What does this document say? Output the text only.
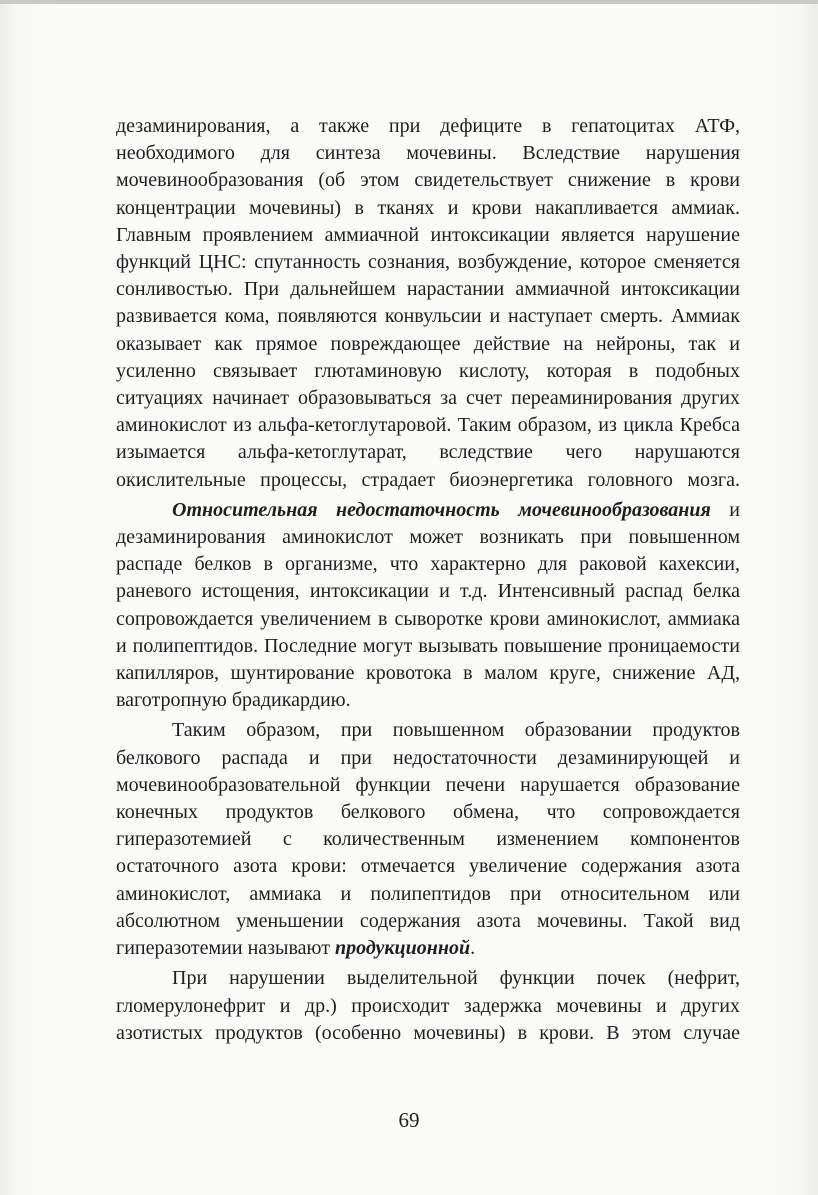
дезаминирования, а также при дефиците в гепатоцитах АТФ, необходимого для синтеза мочевины. Вследствие нарушения мочевинообразования (об этом свидетельствует снижение в крови концентрации мочевины) в тканях и крови накапливается аммиак. Главным проявлением аммиачной интоксикации является нарушение функций ЦНС: спутанность сознания, возбуждение, которое сменяется сонливостью. При дальнейшем нарастании аммиачной интоксикации развивается кома, появляются конвульсии и наступает смерть. Аммиак оказывает как прямое повреждающее действие на нейроны, так и усиленно связывает глютаминовую кислоту, которая в подобных ситуациях начинает образовываться за счет переаминирования других аминокислот из альфа-кетоглутаровой. Таким образом, из цикла Кребса изымается альфа-кетоглутарат, вследствие чего нарушаются окислительные процессы, страдает биоэнергетика головного мозга.

Относительная недостаточность мочевинообразования и дезаминирования аминокислот может возникать при повышенном распаде белков в организме, что характерно для раковой кахексии, раневого истощения, интоксикации и т.д. Интенсивный распад белка сопровождается увеличением в сыворотке крови аминокислот, аммиака и полипептидов. Последние могут вызывать повышение проницаемости капилляров, шунтирование кровотока в малом круге, снижение АД, ваготропную брадикардию.

Таким образом, при повышенном образовании продуктов белкового распада и при недостаточности дезаминирующей и мочевинообразовательной функции печени нарушается образование конечных продуктов белкового обмена, что сопровождается гиперазотемией с количественным изменением компонентов остаточного азота крови: отмечается увеличение содержания азота аминокислот, аммиака и полипептидов при относительном или абсолютном уменьшении содержания азота мочевины. Такой вид гиперазотемии называют продукционной.

При нарушении выделительной функции почек (нефрит, гломерулонефрит и др.) происходит задержка мочевины и других азотистых продуктов (особенно мочевины) в крови. В этом случае

69
